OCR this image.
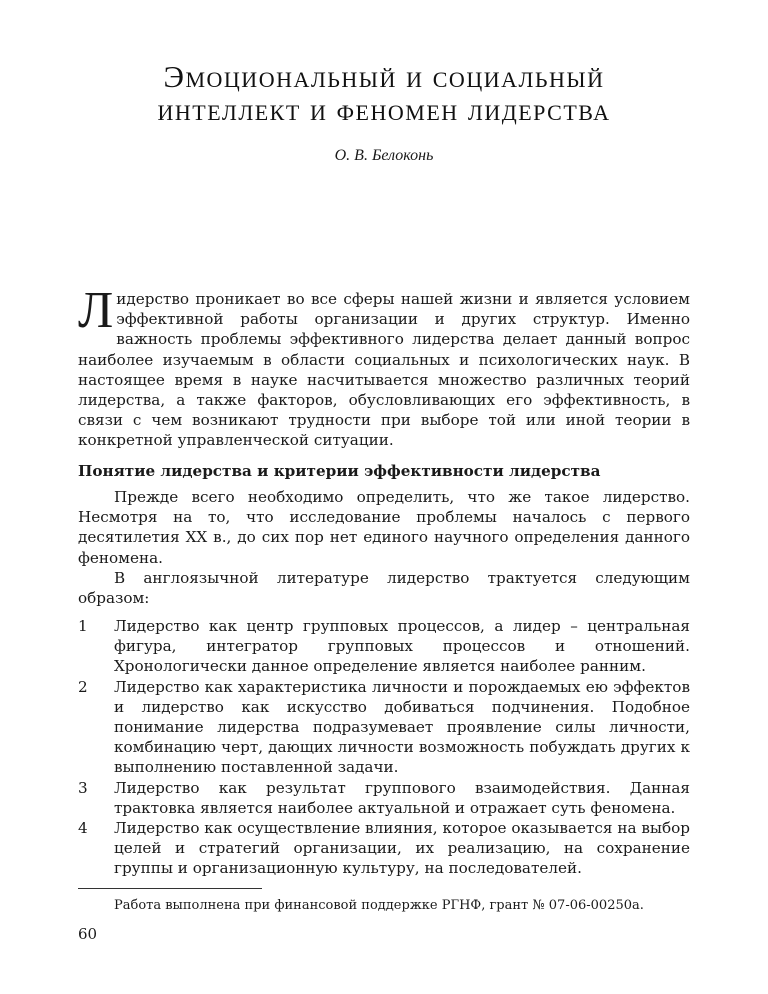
Эмоциональный и социальный
интеллект и феномен лидерства
О. В. Белоконь
Лидерство проникает во все сферы нашей жизни и является условием эффективной работы организации и других структур. Именно важность проблемы эффективного лидерства делает данный вопрос наиболее изучаемым в области социальных и психологических наук. В настоящее время в науке насчитывается множество различных теорий лидерства, а также факторов, обусловливающих его эффективность, в связи с чем возникают трудности при выборе той или иной теории в конкретной управленческой ситуации.
Понятие лидерства и критерии эффективности лидерства

Прежде всего необходимо определить, что же такое лидерство. Несмотря на то, что исследование проблемы началось с первого десятилетия XX в., до сих пор нет единого научного определения данного феномена.

В англоязычной литературе лидерство трактуется следующим образом:

1 Лидерство как центр групповых процессов, а лидер – центральная фигура, интегратор групповых процессов и отношений. Хронологически данное определение является наиболее ранним.

2 Лидерство как характеристика личности и порождаемых ею эффектов и лидерство как искусство добиваться подчинения. Подобное понимание лидерства подразумевает проявление силы личности, комбинацию черт, дающих личности возможность побуждать других к выполнению поставленной задачи.

3 Лидерство как результат группового взаимодействия. Данная трактовка является наиболее актуальной и отражает суть феномена.

4 Лидерство как осуществление влияния, которое оказывается на выбор целей и стратегий организации, их реализацию, на сохранение группы и организационную культуру, на последователей.

Работа выполнена при финансовой поддержке РГНФ, грант № 07-06-00250а.
60
